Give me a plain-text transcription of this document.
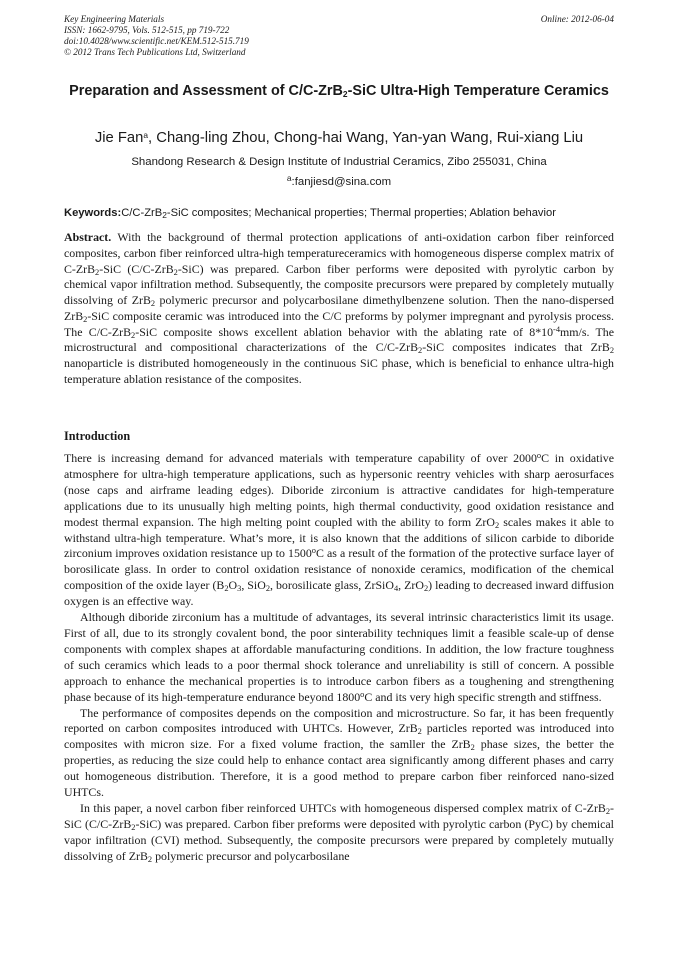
Key Engineering Materials
ISSN: 1662-9795, Vols. 512-515, pp 719-722
doi:10.4028/www.scientific.net/KEM.512-515.719
© 2012 Trans Tech Publications Ltd, Switzerland
Online: 2012-06-04
Preparation and Assessment of C/C-ZrB$_2$-SiC Ultra-High Temperature Ceramics
Jie Fan$^a$, Chang-ling Zhou, Chong-hai Wang, Yan-yan Wang, Rui-xiang Liu
Shandong Research & Design Institute of Industrial Ceramics, Zibo 255031, China
$^a$:fanjiesd@sina.com
Keywords:C/C-ZrB$_2$-SiC composites; Mechanical properties; Thermal properties; Ablation behavior

Abstract. With the background of thermal protection applications of anti-oxidation carbon fiber reinforced composites, carbon fiber reinforced ultra-high temperatureceramics with homogeneous disperse complex matrix of C-ZrB$_2$-SiC (C/C-ZrB$_2$-SiC) was prepared. Carbon fiber performs were deposited with pyrolytic carbon by chemical vapor infiltration method. Subsequently, the composite precursors were prepared by completely mutually dissolving of ZrB$_2$ polymeric precursor and polycarbosilane dimethylbenzene solution. Then the nano-dispersed ZrB$_2$-SiC composite ceramic was introduced into the C/C preforms by polymer impregnant and pyrolysis process. The C/C-ZrB$_2$-SiC composite shows excellent ablation behavior with the ablating rate of $8*10^{-4}mm/s$. The microstructural and compositional characterizations of the C/C-ZrB$_2$-SiC composites indicates that ZrB$_2$ nanoparticle is distributed homogeneously in the continuous SiC phase, which is beneficial to enhance ultra-high temperature ablation resistance of the composites.

Introduction

There is increasing demand for advanced materials with temperature capability of over 2000$^o$C in oxidative atmosphere for ultra-high temperature applications, such as hypersonic reentry vehicles with sharp aerosurfaces (nose caps and airframe leading edges). Diboride zirconium is attractive candidates for high-temperature applications due to its unusually high melting points, high thermal conductivity, good oxidation resistance and modest thermal expansion. The high melting point coupled with the ability to form ZrO$_2$ scales makes it able to withstand ultra-high temperature. What’s more, it is also known that the additions of silicon carbide to diboride zirconium improves oxidation resistance up to 1500$^o$C as a result of the formation of the protective surface layer of borosilicate glass. In order to control oxidation resistance of nonoxide ceramics, modification of the chemical composition of the oxide layer ($B_2O_3$, SiO$_2$, borosilicate glass, ZrSiO$_4$, ZrO$_2$) leading to decreased inward diffusion oxygen is an effective way.

Although diboride zirconium has a multitude of advantages, its several intrinsic characteristics limit its usage. First of all, due to its strongly covalent bond, the poor sinterability techniques limit a feasible scale-up of dense components with complex shapes at affordable manufacturing conditions. In addition, the low fracture toughness of such ceramics which leads to a poor thermal shock tolerance and unreliability is still of concern. A possible approach to enhance the mechanical properties is to introduce carbon fibers as a toughening and strengthening phase because of its high-temperature endurance beyond 1800$^o$C and its very high specific strength and stiffness.

The performance of composites depends on the composition and microstructure. So far, it has been frequently reported on carbon composites introduced with UHTCs. However, ZrB$_2$ particles reported was introduced into composites with micron size. For a fixed volume fraction, the samller the ZrB$_2$ phase sizes, the better the properties, as reducing the size could help to enhance contact area significantly among different phases and carry out homogeneous distribution. Therefore, it is a good method to prepare carbon fiber reinforced nano-sized UHTCs.

In this paper, a novel carbon fiber reinforced UHTCs with homogeneous dispersed complex matrix of C-ZrB$_2$-SiC (C/C-ZrB$_2$-SiC) was prepared. Carbon fiber preforms were deposited with pyrolytic carbon (PyC) by chemical vapor infiltration (CVI) method. Subsequently, the composite precursors were prepared by completely mutually dissolving of ZrB$_2$ polymeric precursor and polycarbosilane
